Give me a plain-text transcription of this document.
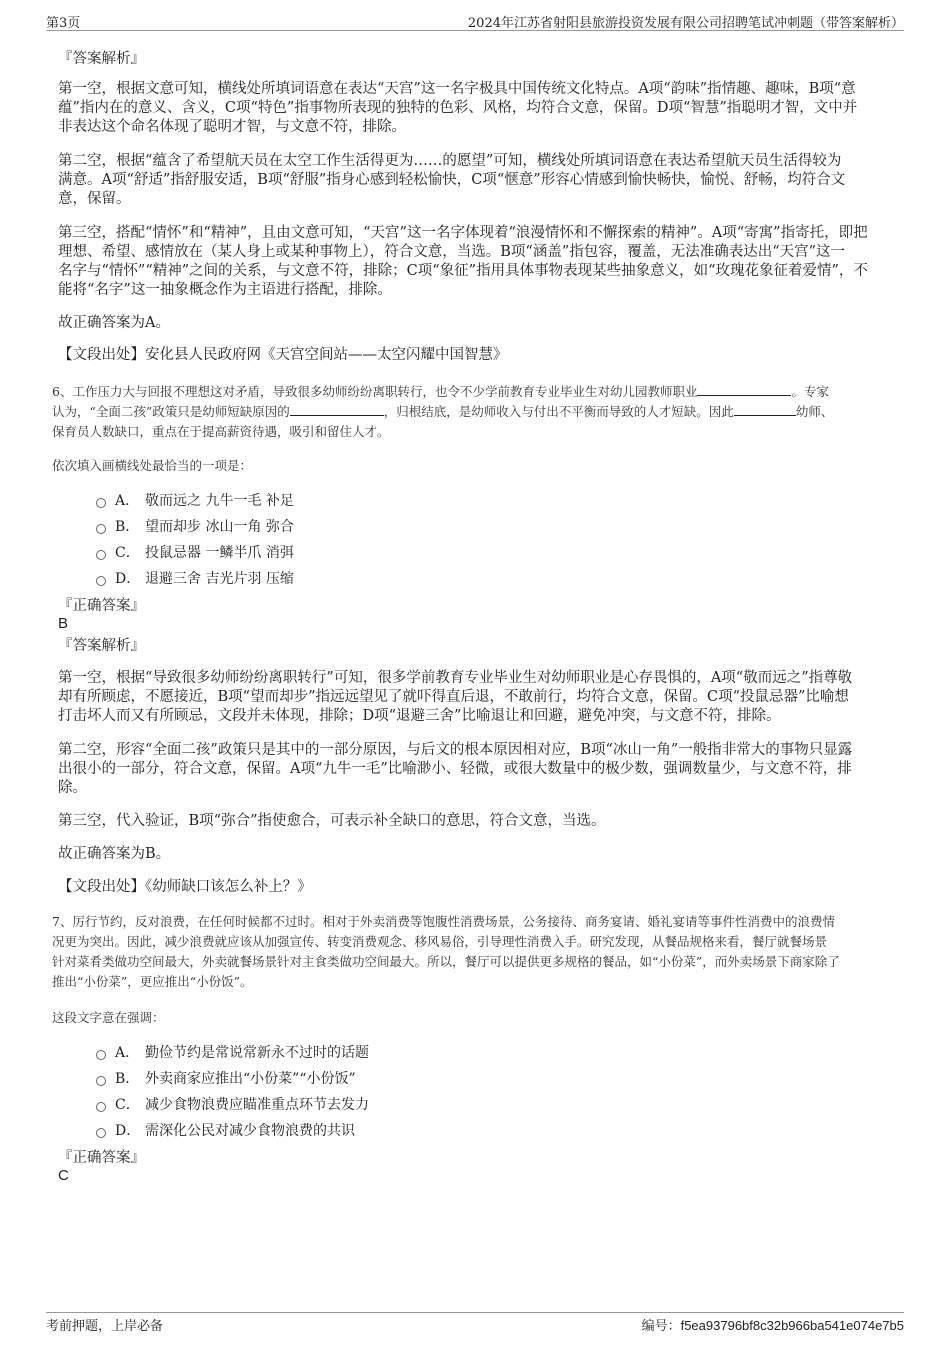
第3页	2024年江苏省射阳县旅游投资发展有限公司招聘笔试冲刺题（带答案解析）
『答案解析』
第一空，根据文意可知，横线处所填词语意在表达“天宫”这一名字极具中国传统文化特点。A项“韵味”指情趣、趣味，B项“意
蕴”指内在的意义、含义，C项“特色”指事物所表现的独特的色彩、风格，均符合文意，保留。D项“智慧”指聪明才智，文中并
非表达这个命名体现了聪明才智，与文意不符，排除。
第二空，根据“蕴含了希望航天员在太空工作生活得更为……的愿望”可知，横线处所填词语意在表达希望航天员生活得较为
满意。A项“舒适”指舒服安适，B项“舒服”指身心感到轻松愉快，C项“惬意”形容心情感到愉快畅快，愉悦、舒畅，均符合文
意，保留。
第三空，搭配“情怀”和“精神”，且由文意可知，“天宫”这一名字体现着“浪漫情怀和不懈探索的精神”。A项“寄寓”指寄托，即把
理想、希望、感情放在（某人身上或某种事物上），符合文意，当选。B项“涵盖”指包容，覆盖，无法准确表达出“天宫”这一
名字与“情怀”“精神”之间的关系，与文意不符，排除；C项“象征”指用具体事物表现某些抽象意义，如“玫瑰花象征着爱情”，不
能将“名字”这一抽象概念作为主语进行搭配，排除。
故正确答案为A。
【文段出处】安化县人民政府网《天宫空间站——太空闪耀中国智慧》
6、工作压力大与回报不理想这对矛盾，导致很多幼师纷纷离职转行，也令不少学前教育专业毕业生对幼儿园教师职业	。专家
认为，“全面二孩”政策只是幼师短缺原因的	，归根结底，是幼师收入与付出不平衡而导致的人才短缺。因此	幼师、
保育员人数缺口，重点在于提高薪资待遇，吸引和留住人才。
依次填入画横线处最恰当的一项是：
A． 敬而远之 九牛一毛 补足
B． 望而却步 冰山一角 弥合
C． 投鼠忌器 一鳞半爪 消弭
D． 退避三舍 吉光片羽 压缩
『正确答案』
B
『答案解析』
第一空，根据“导致很多幼师纷纷离职转行”可知，很多学前教育专业毕业生对幼师职业是心存畏惧的，A项“敬而远之”指尊敬
却有所顾虑，不愿接近，B项“望而却步”指远远望见了就吓得直后退，不敢前行，均符合文意，保留。C项“投鼠忌器”比喻想
打击坏人而又有所顾忌，文段并未体现，排除；D项“退避三舍”比喻退让和回避，避免冲突，与文意不符，排除。
第二空，形容“全面二孩”政策只是其中的一部分原因，与后文的根本原因相对应，B项“冰山一角”一般指非常大的事物只显露
出很小的一部分，符合文意，保留。A项“九牛一毛”比喻渺小、轻微，或很大数量中的极少数，强调数量少，与文意不符，排
除。
第三空，代入验证，B项“弥合”指使愈合，可表示补全缺口的意思，符合文意，当选。
故正确答案为B。
【文段出处】《幼师缺口该怎么补上？》
7、厉行节约，反对浪费，在任何时候都不过时。相对于外卖消费等饱腹性消费场景，公务接待、商务宴请、婚礼宴请等事件性消费中的浪费情
况更为突出。因此，减少浪费就应该从加强宣传、转变消费观念、移风易俗，引导理性消费入手。研究发现，从餐品规格来看，餐厅就餐场景
针对菜肴类做功空间最大，外卖就餐场景针对主食类做功空间最大。所以，餐厅可以提供更多规格的餐品，如“小份菜”，而外卖场景下商家除了
推出“小份菜”，更应推出“小份饭”。
这段文字意在强调：
A． 勤俭节约是常说常新永不过时的话题
B． 外卖商家应推出“小份菜”“小份饭”
C． 减少食物浪费应瞄准重点环节去发力
D． 需深化公民对减少食物浪费的共识
『正确答案』
C
考前押题，上岸必备	编号：f5ea93796bf8c32b966ba541e074e7b5
